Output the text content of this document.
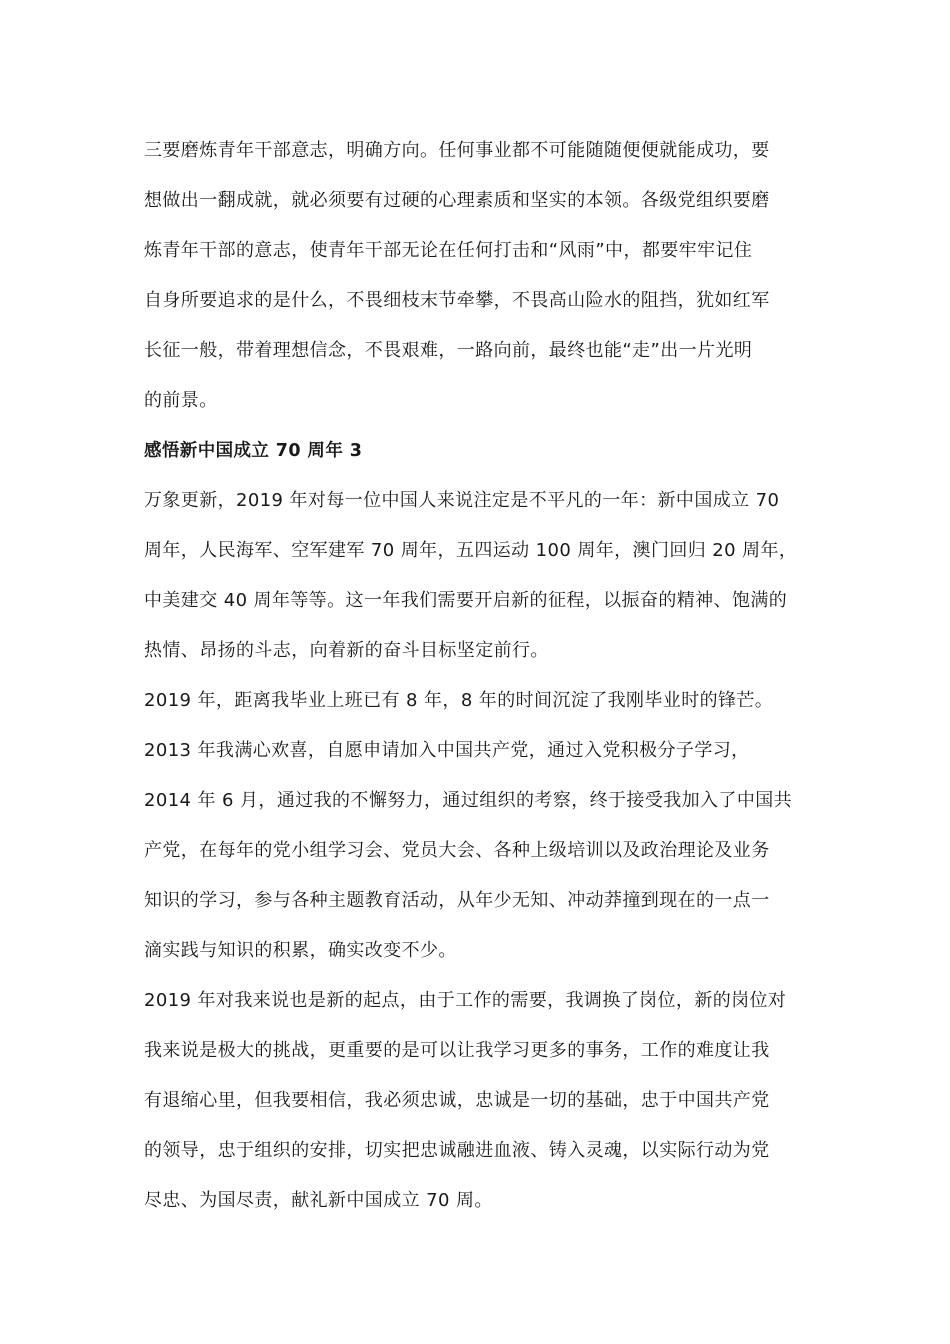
三要磨炼青年干部意志，明确方向。任何事业都不可能随随便便就能成功，要
想做出一翻成就，就必须要有过硬的心理素质和坚实的本领。各级党组织要磨
炼青年干部的意志，使青年干部无论在任何打击和“风雨”中，都要牢牢记住
自身所要追求的是什么，不畏细枝末节牵攀，不畏高山险水的阻挡，犹如红军
长征一般，带着理想信念，不畏艰难，一路向前，最终也能“走”出一片光明
的前景。
感悟新中国成立 70 周年 3
万象更新，2019 年对每一位中国人来说注定是不平凡的一年：新中国成立 70
周年，人民海军、空军建军 70 周年，五四运动 100 周年，澳门回归 20 周年，
中美建交 40 周年等等。这一年我们需要开启新的征程，以振奋的精神、饱满的
热情、昂扬的斗志，向着新的奋斗目标坚定前行。
2019 年，距离我毕业上班已有 8 年，8 年的时间沉淀了我刚毕业时的锋芒。
2013 年我满心欢喜，自愿申请加入中国共产党，通过入党积极分子学习，
2014 年 6 月，通过我的不懈努力，通过组织的考察，终于接受我加入了中国共
产党，在每年的党小组学习会、党员大会、各种上级培训以及政治理论及业务
知识的学习，参与各种主题教育活动，从年少无知、冲动莽撞到现在的一点一
滴实践与知识的积累，确实改变不少。
2019 年对我来说也是新的起点，由于工作的需要，我调换了岗位，新的岗位对
我来说是极大的挑战，更重要的是可以让我学习更多的事务，工作的难度让我
有退缩心里，但我要相信，我必须忠诚，忠诚是一切的基础，忠于中国共产党
的领导，忠于组织的安排，切实把忠诚融进血液、铸入灵魂，以实际行动为党
尽忠、为国尽责，献礼新中国成立 70 周。
